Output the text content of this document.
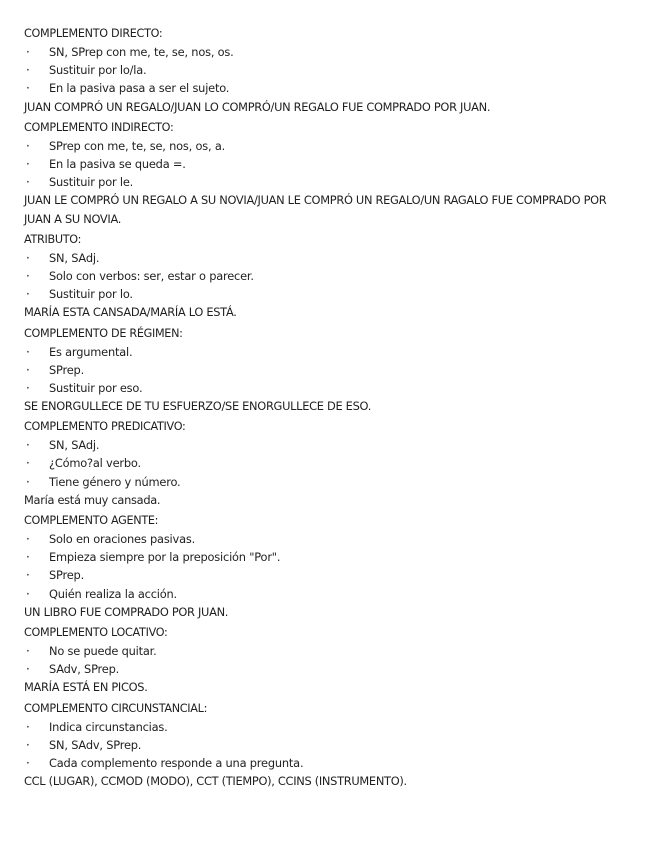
COMPLEMENTO DIRECTO:
· SN, SPrep con me, te, se, nos, os.
· Sustituir por lo/la.
· En la pasiva pasa a ser el sujeto.
JUAN COMPRÓ UN REGALO/JUAN LO COMPRÓ/UN REGALO FUE COMPRADO POR JUAN.
COMPLEMENTO INDIRECTO:
· SPrep con me, te, se, nos, os, a.
· En la pasiva se queda =.
· Sustituir por le.
JUAN LE COMPRÓ UN REGALO A SU NOVIA/JUAN LE COMPRÓ UN REGALO/UN RAGALO FUE COMPRADO POR JUAN A SU NOVIA.
ATRIBUTO:
· SN, SAdj.
· Solo con verbos: ser, estar o parecer.
· Sustituir por lo.
MARÍA ESTA CANSADA/MARÍA LO ESTÁ.
COMPLEMENTO DE RÉGIMEN:
· Es argumental.
· SPrep.
· Sustituir por eso.
SE ENORGULLECE DE TU ESFUERZO/SE ENORGULLECE DE ESO.
COMPLEMENTO PREDICATIVO:
· SN, SAdj.
· ¿Cómo?al verbo.
· Tiene género y número.
María está muy cansada.
COMPLEMENTO AGENTE:
· Solo en oraciones pasivas.
· Empieza siempre por la preposición "Por".
· SPrep.
· Quién realiza la acción.
UN LIBRO FUE COMPRADO POR JUAN.
COMPLEMENTO LOCATIVO:
· No se puede quitar.
· SAdv, SPrep.
MARÍA ESTÁ EN PICOS.
COMPLEMENTO CIRCUNSTANCIAL:
· Indica circunstancias.
· SN, SAdv, SPrep.
· Cada complemento responde a una pregunta.
CCL (LUGAR), CCMOD (MODO), CCT (TIEMPO), CCINS (INSTRUMENTO).
